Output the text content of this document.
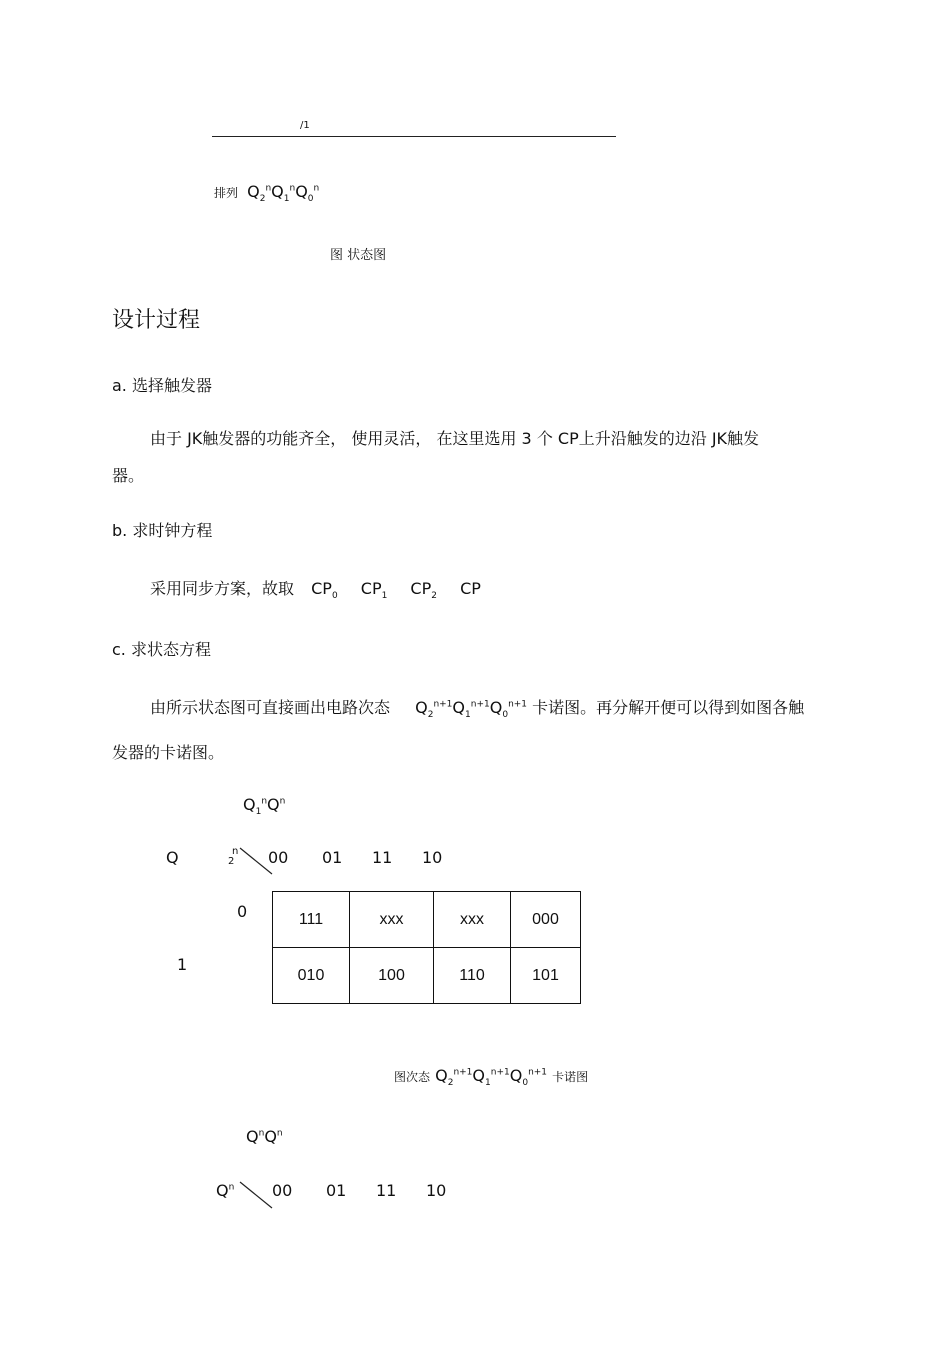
/1
排列 $Q_2^nQ_1^nQ_0^n$
图 状态图
设计过程
a. 选择触发器
由于 JK触发器的功能齐全， 使用灵活， 在这里选用 3 个 CP上升沿触发的边沿 JK触发
器。
b. 求时钟方程
采用同步方案，故取 $CP_0$ $CP_1$ $CP_2$ CP
c. 求状态方程
由所示状态图可直接画出电路次态 $Q_2^{n+1}Q_1^{n+1}Q_0^{n+1}$ 卡诺图。再分解开便可以得到如图各触
发器的卡诺图。
$Q_1^nQ^n$
Q	n
2 00 01 11 10
0
1
111	xxx	xxx	000
010	100	110	101
图次态 $Q_2^{n+1}Q_1^{n+1}Q_0^{n+1}$ 卡诺图
$Q^nQ^n$
$Q^n$ 00 01 11 10
